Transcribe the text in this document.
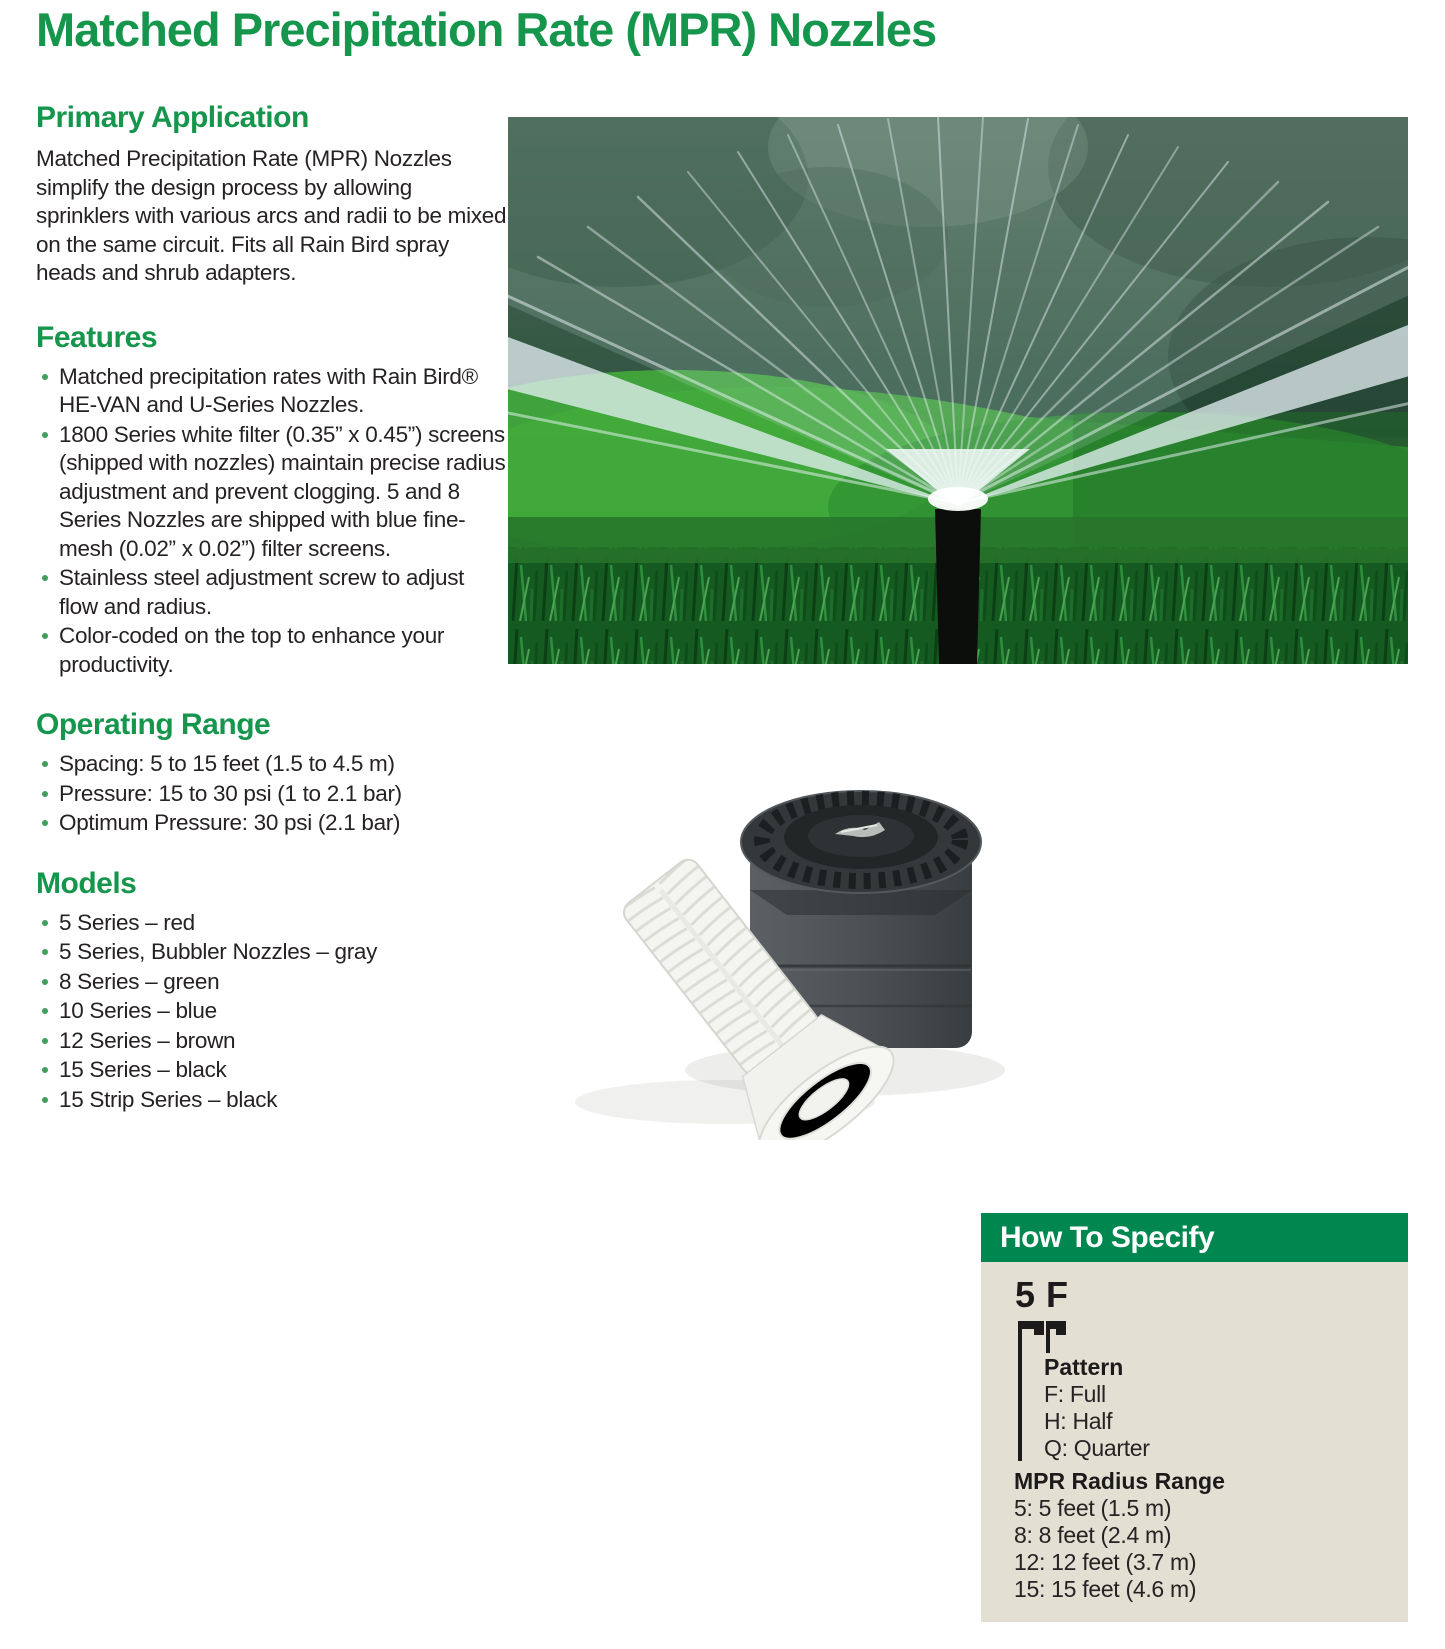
Matched Precipitation Rate (MPR) Nozzles
Primary Application

Matched Precipitation Rate (MPR) Nozzles simplify the design process by allowing sprinklers with various arcs and radii to be mixed on the same circuit. Fits all Rain Bird spray heads and shrub adapters.

Features
Matched precipitation rates with Rain Bird® HE-VAN and U-Series Nozzles.
1800 Series white filter (0.35” x 0.45”) screens (shipped with nozzles) maintain precise radius adjustment and prevent clogging. 5 and 8 Series Nozzles are shipped with blue fine-mesh (0.02” x 0.02”) filter screens.
Stainless steel adjustment screw to adjust flow and radius.
Color-coded on the top to enhance your productivity.
Operating Range
Spacing: 5 to 15 feet (1.5 to 4.5 m)
Pressure: 15 to 30 psi (1 to 2.1 bar)
Optimum Pressure: 30 psi (2.1 bar)
Models
5 Series – red
5 Series, Bubbler Nozzles – gray
8 Series – green
10 Series – blue
12 Series – brown
15 Series – black
15 Strip Series – black
How To Specify
5 F
Pattern
F: Full
H: Half
Q: Quarter
MPR Radius Range
5: 5 feet (1.5 m)
8: 8 feet (2.4 m)
12: 12 feet (3.7 m)
15: 15 feet (4.6 m)
